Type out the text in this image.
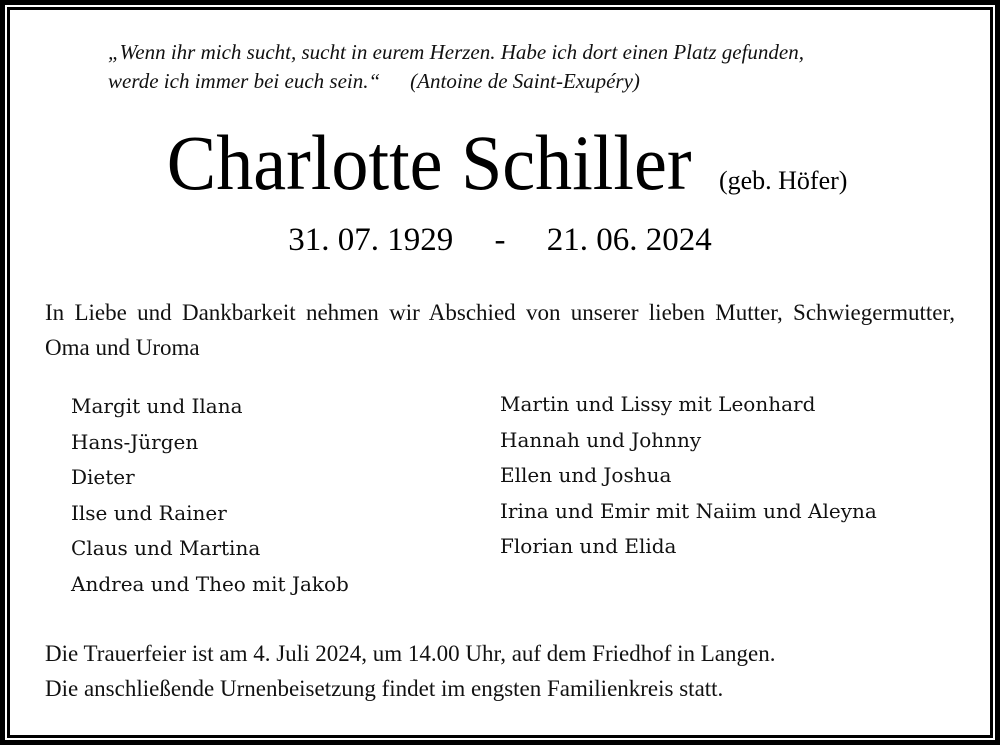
„Wenn ihr mich sucht, sucht in eurem Herzen. Habe ich dort einen Platz gefunden,
werde ich immer bei euch sein.“ (Antoine de Saint-Exupéry)
Charlotte Schiller (geb. Höfer)
31. 07. 1929 - 21. 06. 2024
In Liebe und Dankbarkeit nehmen wir Abschied von unserer lieben Mutter, Schwiegermutter, Oma und Uroma
Margit und Ilana
Hans-Jürgen
Dieter
Ilse und Rainer
Claus und Martina
Andrea und Theo mit Jakob
Martin und Lissy mit Leonhard
Hannah und Johnny
Ellen und Joshua
Irina und Emir mit Naiim und Aleyna
Florian und Elida
Die Trauerfeier ist am 4. Juli 2024, um 14.00 Uhr, auf dem Friedhof in Langen.
Die anschließende Urnenbeisetzung findet im engsten Familienkreis statt.
